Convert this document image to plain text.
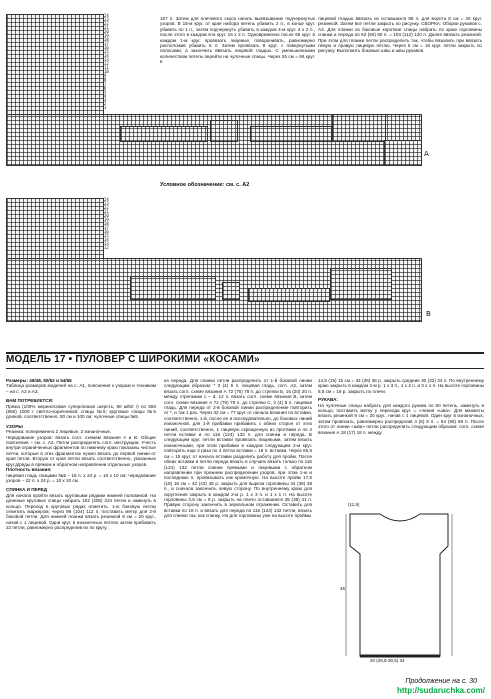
24
23
22
21
20
19
18
17
16
15
14
13
12
11
10
9
8
7
6
5
4
3
2
1
167 п. Затем для плечевого скоса начать вывязывание подчеркнутых узоров. В 15-м круг. от края набора петель убавить 2 п., в конце круг. убавить по 1 п., затем подчеркнуть убавить в каждом 4-м круг. 4 х 2 п., после этого в каждом 6-м круг. 16 х 2 п. Одновременно после 60 круг. в каждом 1-м круг. провязать лицевые, поворачивать, равномерно расположив убавить 5 п. Затем провязать 9 круг. с повернутыми полосами, а закончить ввязать лицевой гладью. С уменьшенными количеством петель перейти на чулочные спицы. Через 26 см = 66 круг. в
лицевой гладью ввязать из оставшихся 88 п. для ворота 8 см = 26 круг. резинкой. Затем все петли закрыть по рисунку. СБОРКА: Оборки рукавов с. А3. Для планки из боковые короткие спицы набрать по краю горловины спинки и переда по 52 (56) 60 п. = 104 (112) 120 п. Далее ввязать резинкой. При этом для планки петли распределить так, чтобы вязались при ввязать левую и правую лицевую петлю. Через 6 см = 16 круг. петли закрыть по рисунку. Выполнить боковые швы и швы рукавов.
A
Условное обозначение: см. с. А2
24
23
22
21
20
19
18
17
16
15
14
13
12
B
МОДЕЛЬ 17 • ПУЛОВЕР С ШИРОКИМИ «КОСАМИ»
Размеры: 46/48, 50/52 и 54/56
Таблица размеров моделей на с. А1, пояснения к узорам и техникам – на с. А2 и А3.
ВАМ ПОТРЕБУЕТСЯ:
Пряжа (100% мериносовая суперлонкая шерсть; 80 м/50 г) по 550 (850) 1000 г светло-коричневой; спицы №6; круговые спицы №5 длиной, соответственно, 60 см и 100 см; чулочные спицы №5.
УЗОРЫ
Резинка: попеременно 2 лицевые, 2 изнаночные.
Чередование узоров: вязать согл. схемам вязания А и В. Общие пояснения – см. с. А2. Петли распределять согл. инструкции. Учесть внутри ограниченных фрагментов по нижнему краю показаны чистые петли, которые в этих фрагментах нужно вязать до первой линии от края петли. Вторую от края петли вязать соответственно, указанные круг.д/ряды в прямом и обратном направлении отдельных узоров.
Плотность вязания:
лицевая гладь спицами №5 – 16 п. х 24 р. = 10 х 10 см; чередование узоров – 22 п. х 24 р. = 10 х 10 см.
СПИНКА И ПЕРЕД
Для начала пройти вязать круговыми рядами нижней половиной. На длинные круговые спицы набрать 182 (208) 224 петли и замкнуть в кольцо. Переход в круговых рядах отметить. 1-ю боковую петлю отметить маркером; через 96 (104) 112 п. поставить метку для 2-й боковой петли. Для нижней планки вязать резинкой 8 см = 20 круг., начав с 1 лицевой. Одни круг. в изнаночных петлях затем прибавить 22 петли, равномерно распределив их по кругу.
из переда. Для спинки петли распределить от 1-й боковой линии следующим образом: * 3 (4) 5 п. лицевая гладь, согл. А2, затем вязать согл. схеме вязания А 72 (76) 78 п. до стрелки Б, 15 (20) 20 п. между стрелками с – d, 12 п. вязать согл. схеме вязания В, затем согл. схеме вязания А 72 (75) 78 п. до стрелки С, 3 (4) 5 п. лицевая гладь. Для переда от 2-й боковой линии распределение повторить от *, и так 1 раз. Через 32 см = 77 круг. от начала вязания по вставки, соответственно, 1-й, после ее и последовательно, до боковых линий изнаночной, для 1-й прибавки прибавить с обеих сторон от этих линий, соответственно, 1 лицевую скрещенную из протяжки и по 4 петли вставки и по 116 (124) 132 п. для спинки и переда. В следующем круг. петли вставки провязать лицевыми, затем вязать изнаночными, при этом прибавки в каждом следующем 2-м круг. повторить еще 2 раза по 4 петли вставки = 18 п. вставки. Через 65,5 см = 15 круг. от начала вставки разделить работу для пройм. После обеих вставки и петли переда вязать в случаях вязать только по 116 (124) 132 петли спинки прямыми и лицевыми с обратном направлении при прежнем распределении узоров, при этом 1-ю и последнюю п. провязывать как кромочную. На высоте пройм 17,5 (18) 18 см = 42 (43) 45 р. закрыть для выреза горловины 34 (38) 38 п., а сначала закончить левую сторону. По внутреннему краю для скругления закрыть в каждом 2-м р. 1 х 3 п. и 1 х 1 п. На высоте горловины 3,5 см = 8 р. закрыть на плечо оставшиеся 35 (38) 41 п. Правую сторону закончить в зеркальном отражении. Оставить для вставки по 18 п. и вязать для переда по 116 (124) 132 петли, вязать для спинки так, как спинку. Но для горловины уже на высоте проймы
14,5 (15) 15 см = 34 (36) 38 р. закрыть средние 30 (32) 34 п. По внутреннему краю закрыть в каждом 2-м р. 1 х 3 п., 1 х 2 п. и 3 х 1 п. На высоте горловины 6,5 см = 16 р. закрыть по плечи.
РУКАВА:
На чулочные спицы набрать для каждого рукава по 60 петель, замкнуть в кольцо, поставить метку у перехода круг. = «линия «шва». Для манжеты вязать резинкой 8 см = 20 круг., начав с 1 лицевой. Один круг в изнаночных, затем провязать, равномерно распределив 4 (6) 8 п. = 64 (66) 68 п. После этого от линии «шва» петли распределить следующим образом: согл. схеме вязания А 18 (17) 18 п. между
(11,5)
46
20 (28,5-30,5) 34
Продолжение на с. 30
http://sudaruchka.com/
